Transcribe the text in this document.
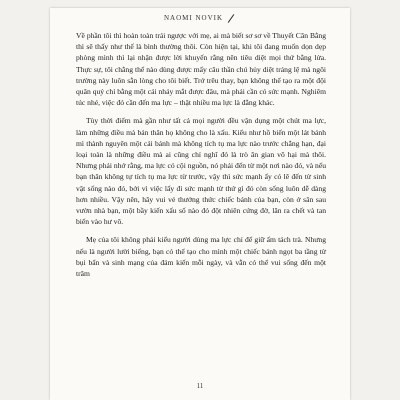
NAOMI NOVIK

Về phần tôi thì hoàn toàn trái ngược với mẹ, ai mà biết sơ sơ về Thuyết Căn Bằng thì sẽ thấy như thế là bình thường thôi. Còn hiện tại, khi tôi đang muốn dọn dẹp phòng mình thì lại nhận được lời khuyến rằng nên tiêu diệt mọi thứ bằng lửa. Thực sự, tôi chẳng thể nào dùng được mấy câu thần chú hủy diệt tráng lệ mà ngôi trường này luôn sẵn lòng cho tôi biết. Trớ trêu thay, bạn không thể tạo ra một đội quân quỷ chỉ bằng một cái nháy mắt được đâu, mà phải cần có sức mạnh. Nghiêm túc nhé, việc đó cần đến ma lực – thật nhiều ma lực là đằng khác.

Tùy thời điểm mà gần như tất cả mọi người đều vận dụng một chút ma lực, làm những điều mà bản thân họ không cho là xấu. Kiểu như hồ biến một lát bánh mì thành nguyên một cái bánh mà không tích tụ ma lực nào trước chẳng hạn, đại loại toàn là những điều mà ai cũng chỉ nghĩ đó là trò ăn gian vô hại mà thôi. Nhưng phải nhớ rằng, ma lực có cội nguồn, nó phải đến từ một nơi nào đó, và nếu bạn thân không tự tích tụ ma lực từ trước, vậy thì sức mạnh ấy có lẽ đến từ sinh vật sống nào đó, bởi vì việc lấy đi sức mạnh từ thứ gì đó còn sống luôn dễ dàng hơn nhiều. Vậy nên, hãy vui vẻ thưởng thức chiếc bánh của bạn, còn ở sân sau vườn nhà bạn, một bầy kiến xấu số nào đó đột nhiên cứng đờ, lăn ra chết và tan biến vào hư vô.

Mẹ của tôi không phải kiểu người dùng ma lực chỉ để giữ ấm tách trà. Nhưng nếu là người lười biếng, bạn có thể tạo cho mình một chiếc bánh ngọt ba tầng từ bụi bẩn và sinh mạng của đám kiến mỗi ngày, và vẫn có thể vui sống đến một trăm

11
